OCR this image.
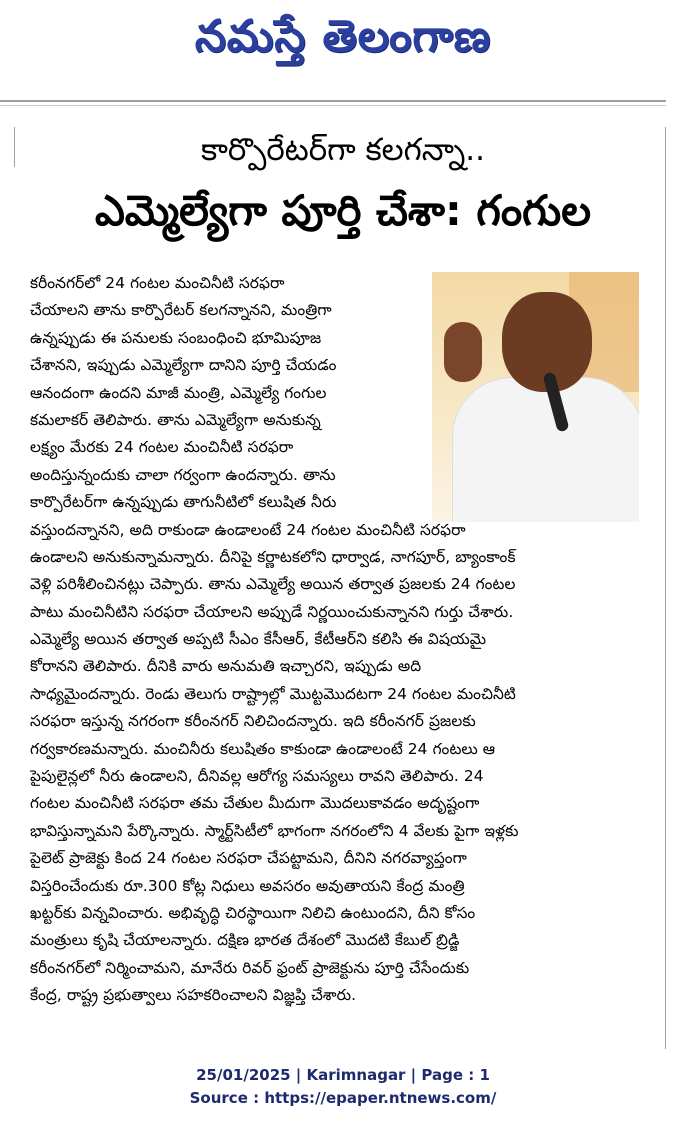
నమస్తే తెలంగాణ
కార్పొరేటర్‌గా కలగన్నా..
ఎమ్మెల్యేగా పూర్తి చేశా: గంగుల
కరీంనగర్‌లో 24 గంటల మంచినీటి సరఫరా
చేయాలని తాను కార్పొరేటర్ కలగన్నానని, మంత్రిగా
ఉన్నప్పుడు ఈ పనులకు సంబంధించి భూమిపూజ
చేశానని, ఇప్పుడు ఎమ్మెల్యేగా దానిని పూర్తి చేయడం
ఆనందంగా ఉందని మాజీ మంత్రి, ఎమ్మెల్యే గంగుల
కమలాకర్ తెలిపారు. తాను ఎమ్మెల్యేగా అనుకున్న
లక్ష్యం మేరకు 24 గంటల మంచినీటి సరఫరా
అందిస్తున్నందుకు చాలా గర్వంగా ఉందన్నారు. తాను
కార్పొరేటర్‌గా ఉన్నప్పుడు తాగునీటిలో కలుషిత నీరు
వస్తుందన్నానని, అది రాకుండా ఉండాలంటే 24 గంటల మంచినీటి సరఫరా
ఉండాలని అనుకున్నామన్నారు. దీనిపై కర్ణాటకలోని ధార్వాడ, నాగపూర్, బ్యాంకాంక్
వెళ్లి పరిశీలించినట్లు చెప్పారు. తాను ఎమ్మెల్యే అయిన తర్వాత ప్రజలకు 24 గంటల
పాటు మంచినీటిని సరఫరా చేయాలని అప్పుడే నిర్ణయించుకున్నానని గుర్తు చేశారు.
ఎమ్మెల్యే అయిన తర్వాత అప్పటి సీఎం కేసీఆర్, కేటీఆర్‌ని కలిసి ఈ విషయమై
కోరానని తెలిపారు. దీనికి వారు అనుమతి ఇచ్చారని, ఇప్పుడు అది
సాధ్యమైందన్నారు. రెండు తెలుగు రాష్ట్రాల్లో మొట్టమొదటగా 24 గంటల మంచినీటి
సరఫరా ఇస్తున్న నగరంగా కరీంనగర్ నిలిచిందన్నారు. ఇది కరీంనగర్ ప్రజలకు
గర్వకారణమన్నారు. మంచినీరు కలుషితం కాకుండా ఉండాలంటే 24 గంటలు ఆ
పైపులైన్లలో నీరు ఉండాలని, దీనివల్ల ఆరోగ్య సమస్యలు రావని తెలిపారు. 24
గంటల మంచినీటి సరఫరా తమ చేతుల మీదుగా మొదలుకావడం అదృష్టంగా
భావిస్తున్నామని పేర్కొన్నారు. స్మార్ట్‌సిటీలో భాగంగా నగరంలోని 4 వేలకు పైగా ఇళ్లకు
పైలెట్ ప్రాజెక్టు కింద 24 గంటల సరఫరా చేపట్టామని, దీనిని నగరవ్యాప్తంగా
విస్తరించేందుకు రూ.300 కోట్ల నిధులు అవసరం అవుతాయని కేంద్ర మంత్రి
ఖట్టర్‌కు విన్నవించారు. అభివృద్ధి చిరస్థాయిగా నిలిచి ఉంటుందని, దీని కోసం
మంత్రులు కృషి చేయాలన్నారు. దక్షిణ భారత దేశంలో మొదటి కేబుల్ బ్రిడ్జి
కరీంనగర్‌లో నిర్మించామని, మానేరు రివర్ ఫ్రంట్ ప్రాజెక్టును పూర్తి చేసేందుకు
కేంద్ర, రాష్ట్ర ప్రభుత్వాలు సహకరించాలని విజ్ఞప్తి చేశారు.
25/01/2025 | Karimnagar | Page : 1
Source : https://epaper.ntnews.com/
